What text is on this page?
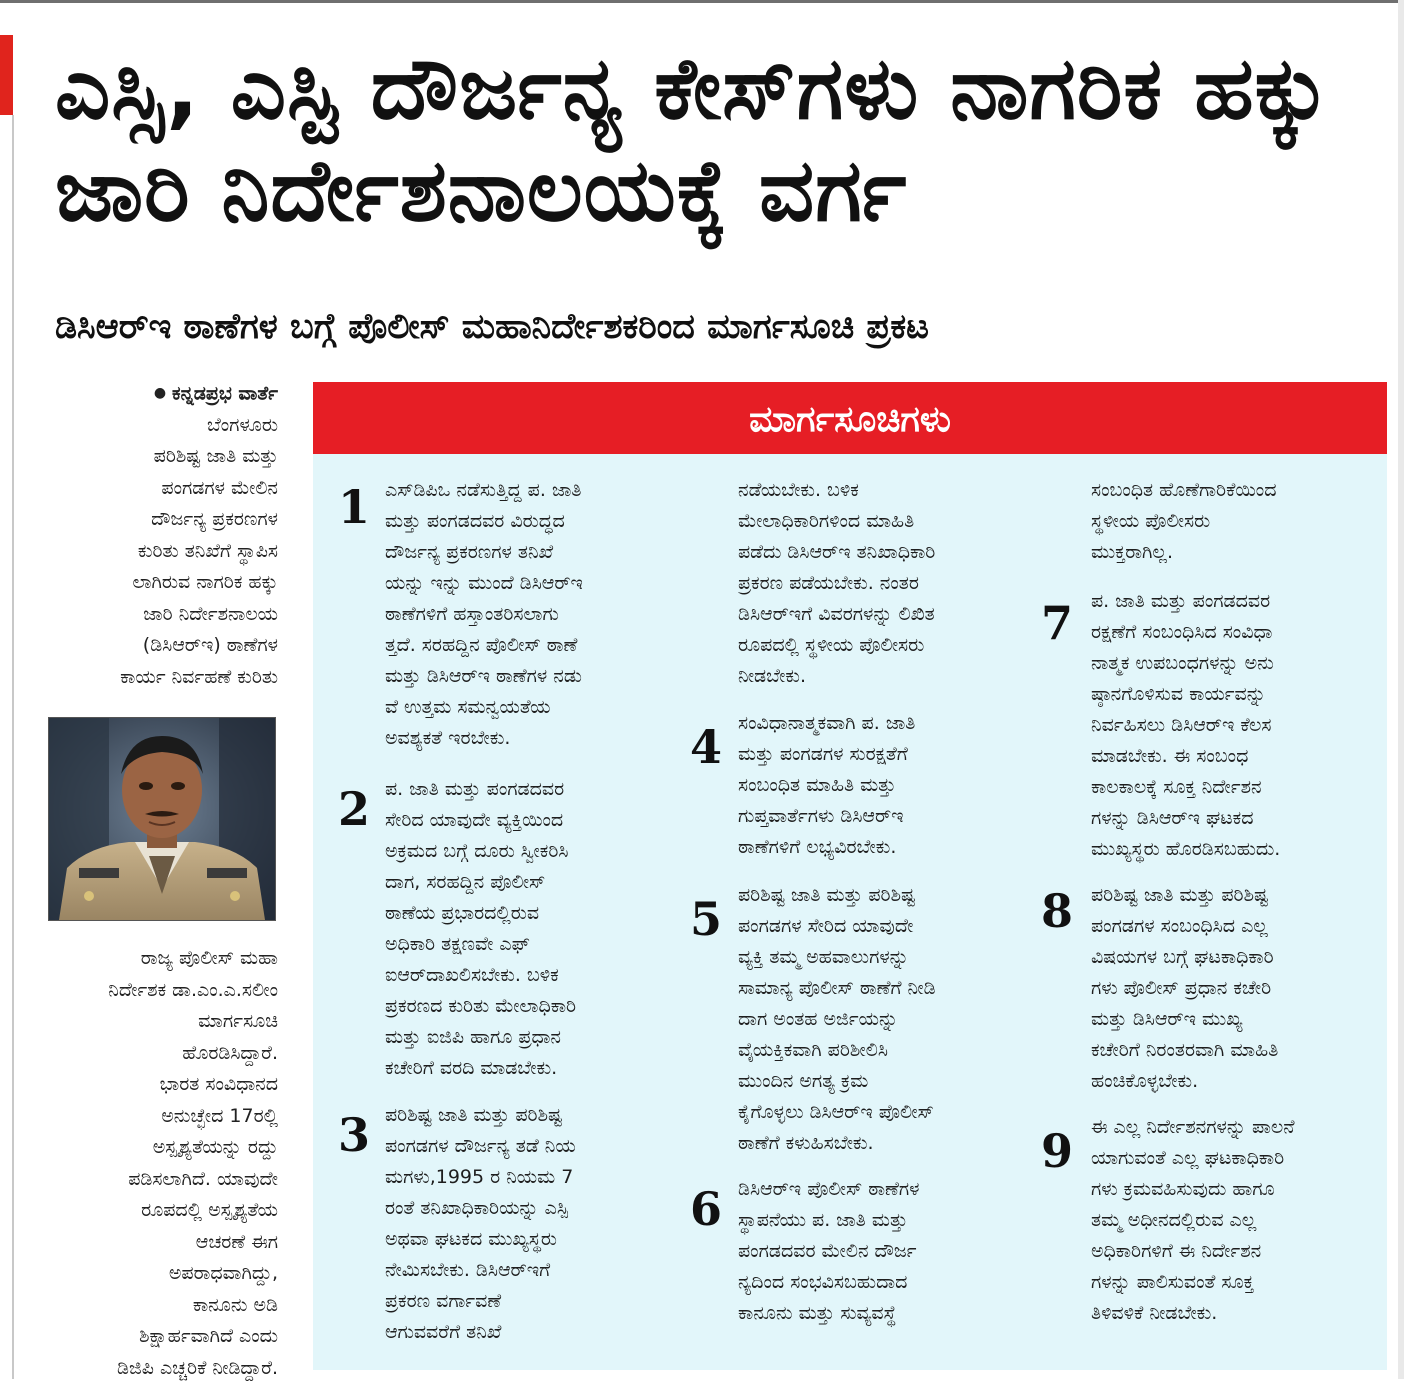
ಎಸ್ಸಿ, ಎಸ್ಟಿ ದೌರ್ಜನ್ಯ ಕೇಸ್‌ಗಳು ನಾಗರಿಕ ಹಕ್ಕು ಜಾರಿ ನಿರ್ದೇಶನಾಲಯಕ್ಕೆ ವರ್ಗ
ಡಿಸಿಆರ್‌ಇ ಠಾಣೆಗಳ ಬಗ್ಗೆ ಪೊಲೀಸ್ ಮಹಾನಿರ್ದೇಶಕರಿಂದ ಮಾರ್ಗಸೂಚಿ ಪ್ರಕಟ

● ಕನ್ನಡಪ್ರಭ ವಾರ್ತೆ

ಬೆಂಗಳೂರು

ಪರಿಶಿಷ್ಟ ಜಾತಿ ಮತ್ತು

ಪಂಗಡಗಳ ಮೇಲಿನ

ದೌರ್ಜನ್ಯ ಪ್ರಕರಣಗಳ

ಕುರಿತು ತನಿಖೆಗೆ ಸ್ಥಾಪಿಸ

ಲಾಗಿರುವ ನಾಗರಿಕ ಹಕ್ಕು

ಜಾರಿ ನಿರ್ದೇಶನಾಲಯ

(ಡಿಸಿಆರ್‌ಇ) ಠಾಣೆಗಳ

ಕಾರ್ಯ ನಿರ್ವಹಣೆ ಕುರಿತು

ರಾಜ್ಯ ಪೊಲೀಸ್ ಮಹಾ

ನಿರ್ದೇಶಕ ಡಾ.ಎಂ.ಎ.ಸಲೀಂ

ಮಾರ್ಗಸೂಚಿ

ಹೊರಡಿಸಿದ್ದಾರೆ.

ಭಾರತ ಸಂವಿಧಾನದ

ಅನುಚ್ಛೇದ 17ರಲ್ಲಿ

ಅಸ್ಪೃಶ್ಯತೆಯನ್ನು ರದ್ದು

ಪಡಿಸಲಾಗಿದೆ. ಯಾವುದೇ

ರೂಪದಲ್ಲಿ ಅಸ್ಪೃಶ್ಯತೆಯ

ಆಚರಣೆ ಈಗ

ಅಪರಾಧವಾಗಿದ್ದು,

ಕಾನೂನು ಅಡಿ

ಶಿಕ್ಷಾರ್ಹವಾಗಿದೆ ಎಂದು

ಡಿಜಿಪಿ ಎಚ್ಚರಿಕೆ ನೀಡಿದ್ದಾರೆ.

ಮಾರ್ಗಸೂಚಿಗಳು
1 ಎಸ್‌ಡಿಪಿಒ ನಡೆಸುತ್ತಿದ್ದ ಪ. ಜಾತಿ
ಮತ್ತು ಪಂಗಡದವರ ವಿರುದ್ಧದ
ದೌರ್ಜನ್ಯ ಪ್ರಕರಣಗಳ ತನಿಖೆ
ಯನ್ನು ಇನ್ನು ಮುಂದೆ ಡಿಸಿಆರ್‌ಇ
ಠಾಣೆಗಳಿಗೆ ಹಸ್ತಾಂತರಿಸಲಾಗು
ತ್ತದೆ. ಸರಹದ್ದಿನ ಪೊಲೀಸ್ ಠಾಣೆ
ಮತ್ತು ಡಿಸಿಆರ್‌ಇ ಠಾಣೆಗಳ ನಡು
ವೆ ಉತ್ತಮ ಸಮನ್ವಯತೆಯ
ಅವಶ್ಯಕತೆ ಇರಬೇಕು.

2 ಪ. ಜಾತಿ ಮತ್ತು ಪಂಗಡದವರ
ಸೇರಿದ ಯಾವುದೇ ವ್ಯಕ್ತಿಯಿಂದ
ಅಕ್ರಮದ ಬಗ್ಗೆ ದೂರು ಸ್ವೀಕರಿಸಿ
ದಾಗ, ಸರಹದ್ದಿನ ಪೊಲೀಸ್
ಠಾಣೆಯ ಪ್ರಭಾರದಲ್ಲಿರುವ
ಅಧಿಕಾರಿ ತಕ್ಷಣವೇ ಎಫ್
ಐಆರ್‌ದಾಖಲಿಸಬೇಕು. ಬಳಿಕ
ಪ್ರಕರಣದ ಕುರಿತು ಮೇಲಾಧಿಕಾರಿ
ಮತ್ತು ಐಜಿಪಿ ಹಾಗೂ ಪ್ರಧಾನ
ಕಚೇರಿಗೆ ವರದಿ ಮಾಡಬೇಕು.

3 ಪರಿಶಿಷ್ಟ ಜಾತಿ ಮತ್ತು ಪರಿಶಿಷ್ಟ
ಪಂಗಡಗಳ ದೌರ್ಜನ್ಯ ತಡೆ ನಿಯ
ಮಗಳು,1995 ರ ನಿಯಮ 7
ರಂತೆ ತನಿಖಾಧಿಕಾರಿಯನ್ನು ಎಸ್ಪಿ
ಅಥವಾ ಘಟಕದ ಮುಖ್ಯಸ್ಥರು
ನೇಮಿಸಬೇಕು. ಡಿಸಿಆರ್‌ಇಗೆ
ಪ್ರಕರಣ ವರ್ಗಾವಣೆ
ಆಗುವವರೆಗೆ ತನಿಖೆ

ನಡೆಯಬೇಕು. ಬಳಿಕ
ಮೇಲಾಧಿಕಾರಿಗಳಿಂದ ಮಾಹಿತಿ
ಪಡೆದು ಡಿಸಿಆರ್‌ಇ ತನಿಖಾಧಿಕಾರಿ
ಪ್ರಕರಣ ಪಡೆಯಬೇಕು. ನಂತರ
ಡಿಸಿಆರ್‌ಇಗೆ ವಿವರಗಳನ್ನು ಲಿಖಿತ
ರೂಪದಲ್ಲಿ ಸ್ಥಳೀಯ ಪೊಲೀಸರು
ನೀಡಬೇಕು.

4 ಸಂವಿಧಾನಾತ್ಮಕವಾಗಿ ಪ. ಜಾತಿ
ಮತ್ತು ಪಂಗಡಗಳ ಸುರಕ್ಷತೆಗೆ
ಸಂಬಂಧಿತ ಮಾಹಿತಿ ಮತ್ತು
ಗುಪ್ತವಾರ್ತೆಗಳು ಡಿಸಿಆರ್‌ಇ
ಠಾಣೆಗಳಿಗೆ ಲಭ್ಯವಿರಬೇಕು.

5 ಪರಿಶಿಷ್ಟ ಜಾತಿ ಮತ್ತು ಪರಿಶಿಷ್ಟ
ಪಂಗಡಗಳ ಸೇರಿದ ಯಾವುದೇ
ವ್ಯಕ್ತಿ ತಮ್ಮ ಅಹವಾಲುಗಳನ್ನು
ಸಾಮಾನ್ಯ ಪೊಲೀಸ್ ಠಾಣೆಗೆ ನೀಡಿ
ದಾಗ ಅಂತಹ ಅರ್ಜಿಯನ್ನು
ವೈಯಕ್ತಿಕವಾಗಿ ಪರಿಶೀಲಿಸಿ
ಮುಂದಿನ ಅಗತ್ಯ ಕ್ರಮ
ಕೈಗೊಳ್ಳಲು ಡಿಸಿಆರ್‌ಇ ಪೊಲೀಸ್
ಠಾಣೆಗೆ ಕಳುಹಿಸಬೇಕು.

6 ಡಿಸಿಆರ್‌ಇ ಪೊಲೀಸ್ ಠಾಣೆಗಳ
ಸ್ಥಾಪನೆಯು ಪ. ಜಾತಿ ಮತ್ತು
ಪಂಗಡದವರ ಮೇಲಿನ ದೌರ್ಜ
ನ್ಯದಿಂದ ಸಂಭವಿಸಬಹುದಾದ
ಕಾನೂನು ಮತ್ತು ಸುವ್ಯವಸ್ಥೆ

ಸಂಬಂಧಿತ ಹೊಣೆಗಾರಿಕೆಯಿಂದ
ಸ್ಥಳೀಯ ಪೊಲೀಸರು
ಮುಕ್ತರಾಗಿಲ್ಲ.

7 ಪ. ಜಾತಿ ಮತ್ತು ಪಂಗಡದವರ
ರಕ್ಷಣೆಗೆ ಸಂಬಂಧಿಸಿದ ಸಂವಿಧಾ
ನಾತ್ಮಕ ಉಪಬಂಧಗಳನ್ನು ಅನು
ಷ್ಠಾನಗೊಳಿಸುವ ಕಾರ್ಯವನ್ನು
ನಿರ್ವಹಿಸಲು ಡಿಸಿಆರ್‌ಇ ಕೆಲಸ
ಮಾಡಬೇಕು. ಈ ಸಂಬಂಧ
ಕಾಲಕಾಲಕ್ಕೆ ಸೂಕ್ತ ನಿರ್ದೇಶನ
ಗಳನ್ನು ಡಿಸಿಆರ್‌ಇ ಘಟಕದ
ಮುಖ್ಯಸ್ಥರು ಹೊರಡಿಸಬಹುದು.

8 ಪರಿಶಿಷ್ಟ ಜಾತಿ ಮತ್ತು ಪರಿಶಿಷ್ಟ
ಪಂಗಡಗಳ ಸಂಬಂಧಿಸಿದ ಎಲ್ಲ
ವಿಷಯಗಳ ಬಗ್ಗೆ ಘಟಕಾಧಿಕಾರಿ
ಗಳು ಪೊಲೀಸ್ ಪ್ರಧಾನ ಕಚೇರಿ
ಮತ್ತು ಡಿಸಿಆರ್‌ಇ ಮುಖ್ಯ
ಕಚೇರಿಗೆ ನಿರಂತರವಾಗಿ ಮಾಹಿತಿ
ಹಂಚಿಕೊಳ್ಳಬೇಕು.

9 ಈ ಎಲ್ಲ ನಿರ್ದೇಶನಗಳನ್ನು ಪಾಲನೆ
ಯಾಗುವಂತೆ ಎಲ್ಲ ಘಟಕಾಧಿಕಾರಿ
ಗಳು ಕ್ರಮವಹಿಸುವುದು ಹಾಗೂ
ತಮ್ಮ ಅಧೀನದಲ್ಲಿರುವ ಎಲ್ಲ
ಅಧಿಕಾರಿಗಳಿಗೆ ಈ ನಿರ್ದೇಶನ
ಗಳನ್ನು ಪಾಲಿಸುವಂತೆ ಸೂಕ್ತ
ತಿಳಿವಳಿಕೆ ನೀಡಬೇಕು.
